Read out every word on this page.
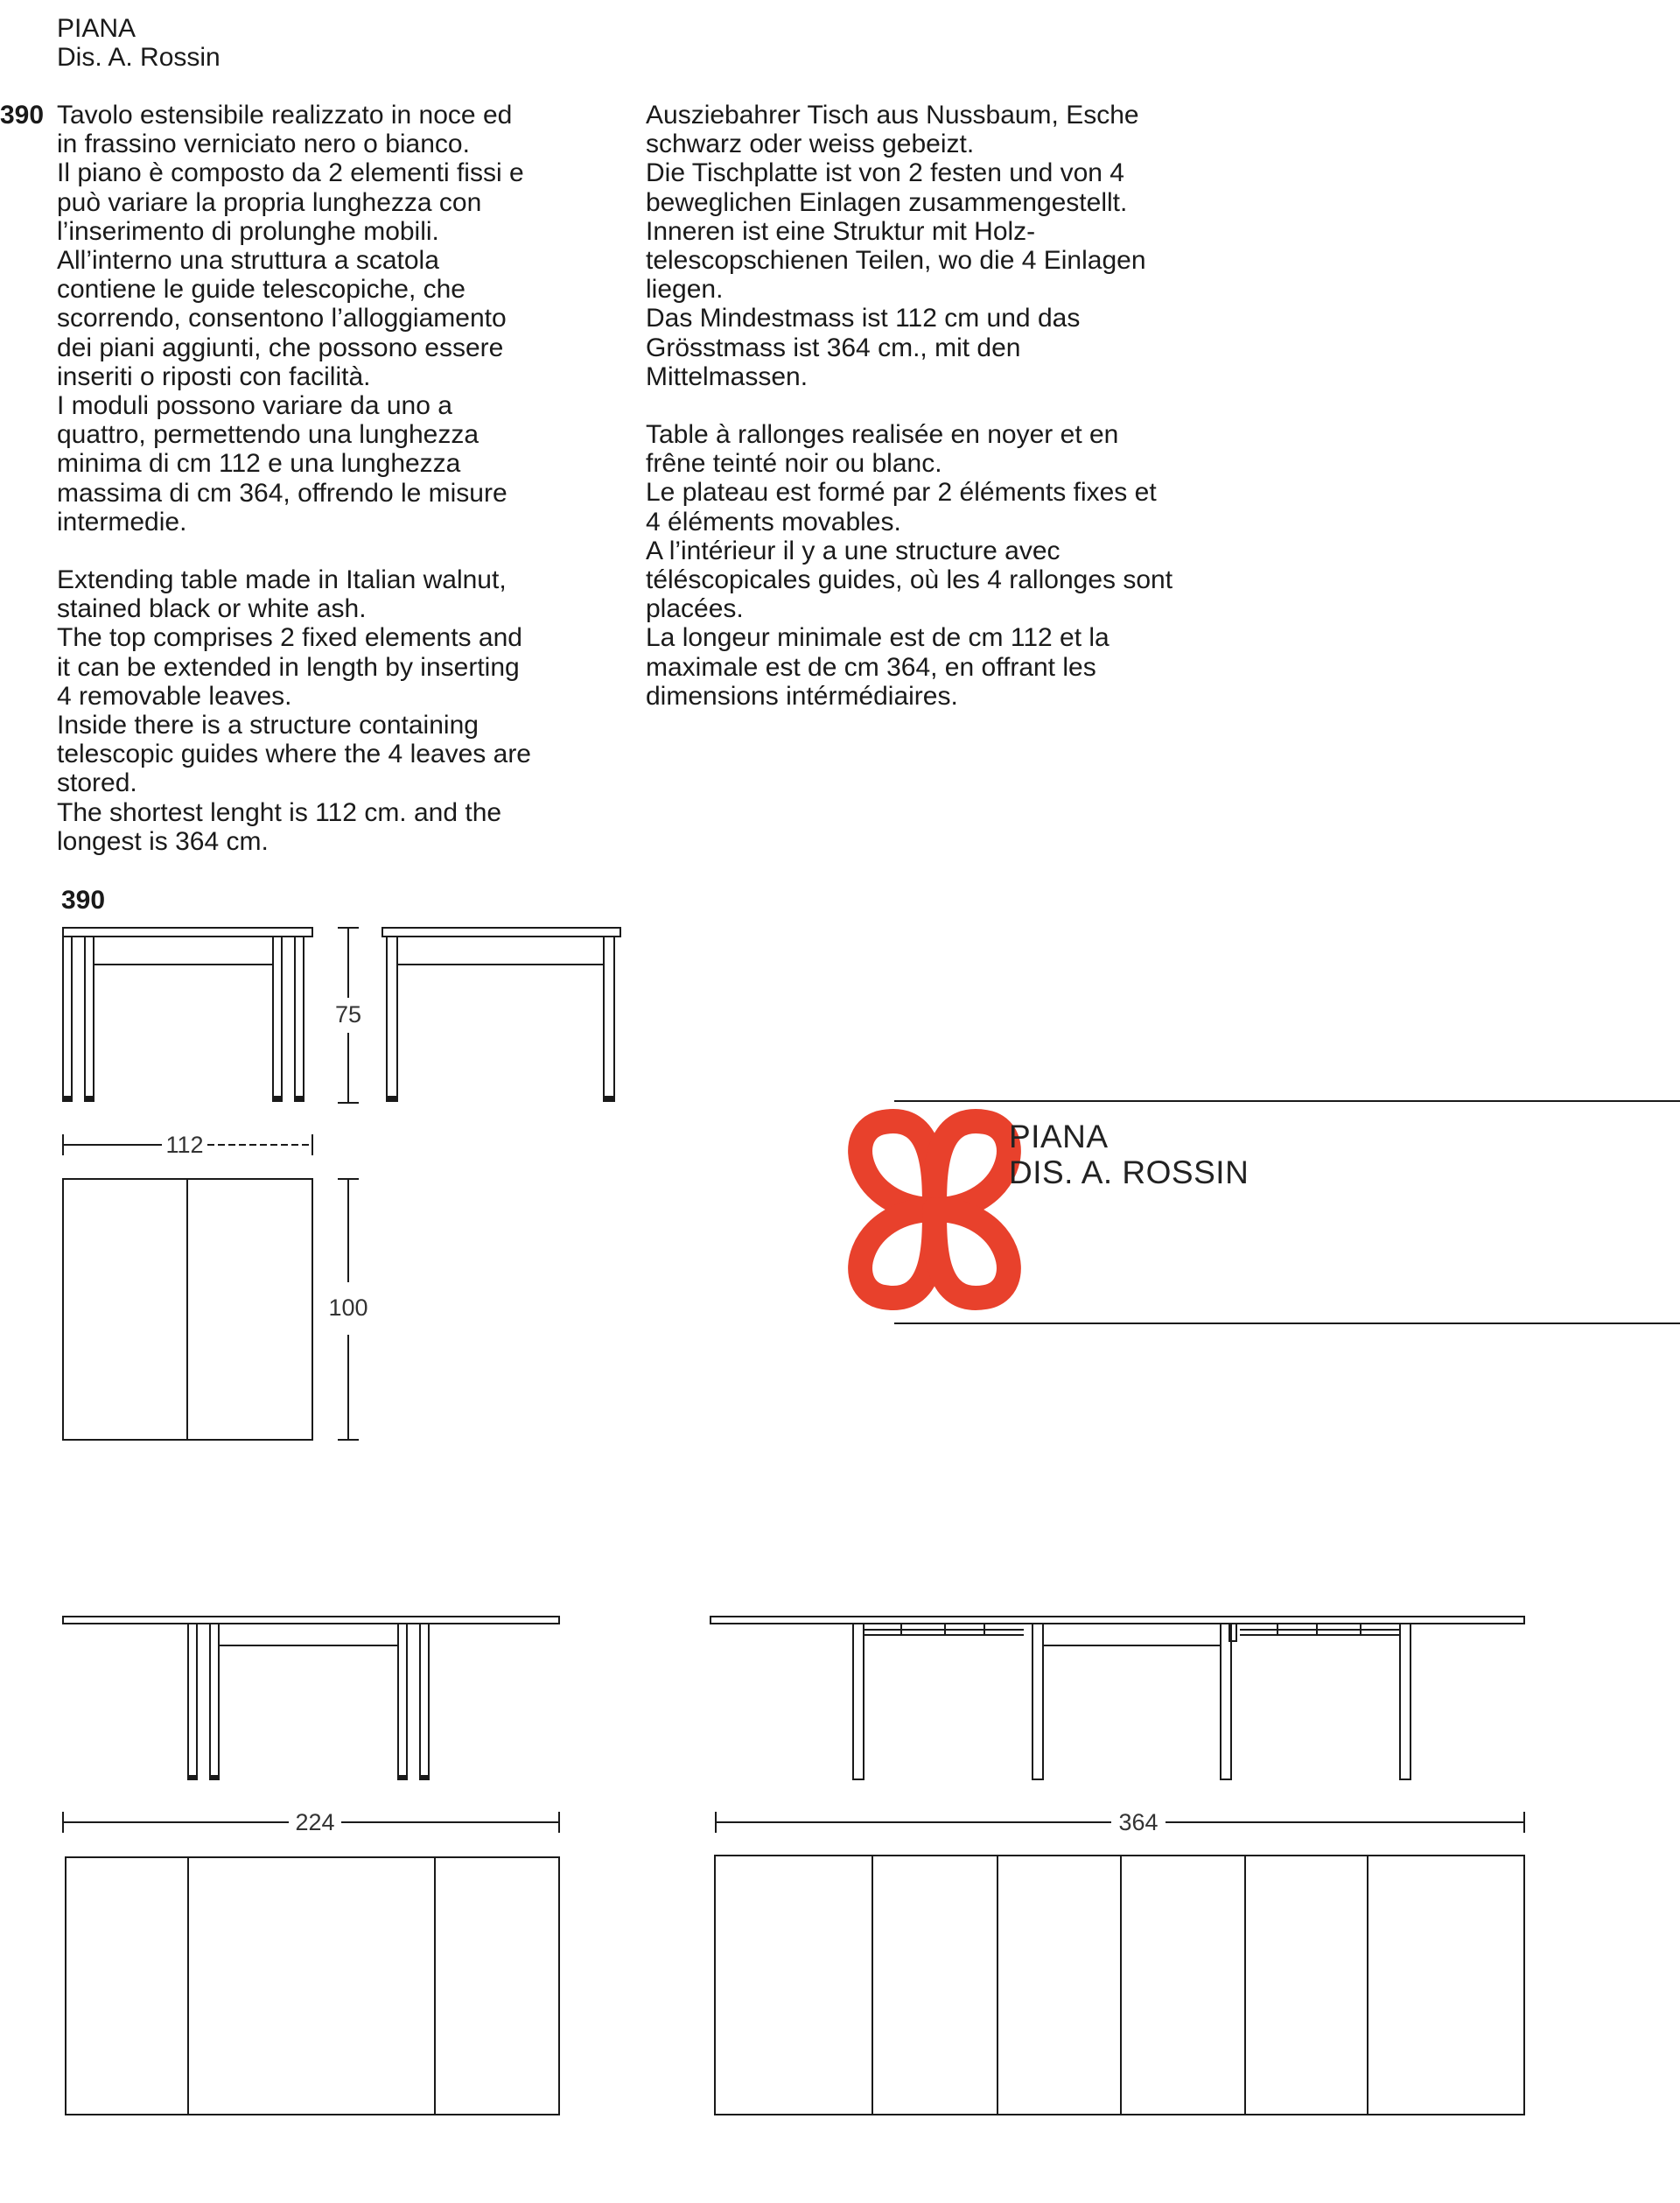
PIANA
Dis. A. Rossin
390 Tavolo estensibile realizzato in noce ed
in frassino verniciato nero o bianco.
Il piano è composto da 2 elementi fissi e
può variare la propria lunghezza con
l’inserimento di prolunghe mobili.
All’interno una struttura a scatola
contiene le guide telescopiche, che
scorrendo, consentono l’alloggiamento
dei piani aggiunti, che possono essere
inseriti o riposti con facilità.
I moduli possono variare da uno a
quattro, permettendo una lunghezza
minima di cm 112 e una lunghezza
massima di cm 364, offrendo le misure
intermedie.

Extending table made in Italian walnut,
stained black or white ash.
The top comprises 2 fixed elements and
it can be extended in length by inserting
4 removable leaves.
Inside there is a structure containing
telescopic guides where the 4 leaves are
stored.
The shortest lenght is 112 cm. and the
longest is 364 cm.

Ausziebahrer Tisch aus Nussbaum, Esche
schwarz oder weiss gebeizt.
Die Tischplatte ist von 2 festen und von 4
beweglichen Einlagen zusammengestellt.
Inneren ist eine Struktur mit Holz-
telescopschienen Teilen, wo die 4 Einlagen
liegen.
Das Mindestmass ist 112 cm und das
Grösstmass ist 364 cm., mit den
Mittelmassen.

Table à rallonges realisée en noyer et en
frêne teinté noir ou blanc.
Le plateau est formé par 2 éléments fixes et
4 éléments movables.
A l’intérieur il y a une structure avec
téléscopicales guides, où les 4 rallonges sont
placées.
La longeur minimale est de cm 112 et la
maximale est de cm 364, en offrant les
dimensions intérmédiaires.

390
75
112
100
224	364
PIANA
DIS. A. ROSSIN
